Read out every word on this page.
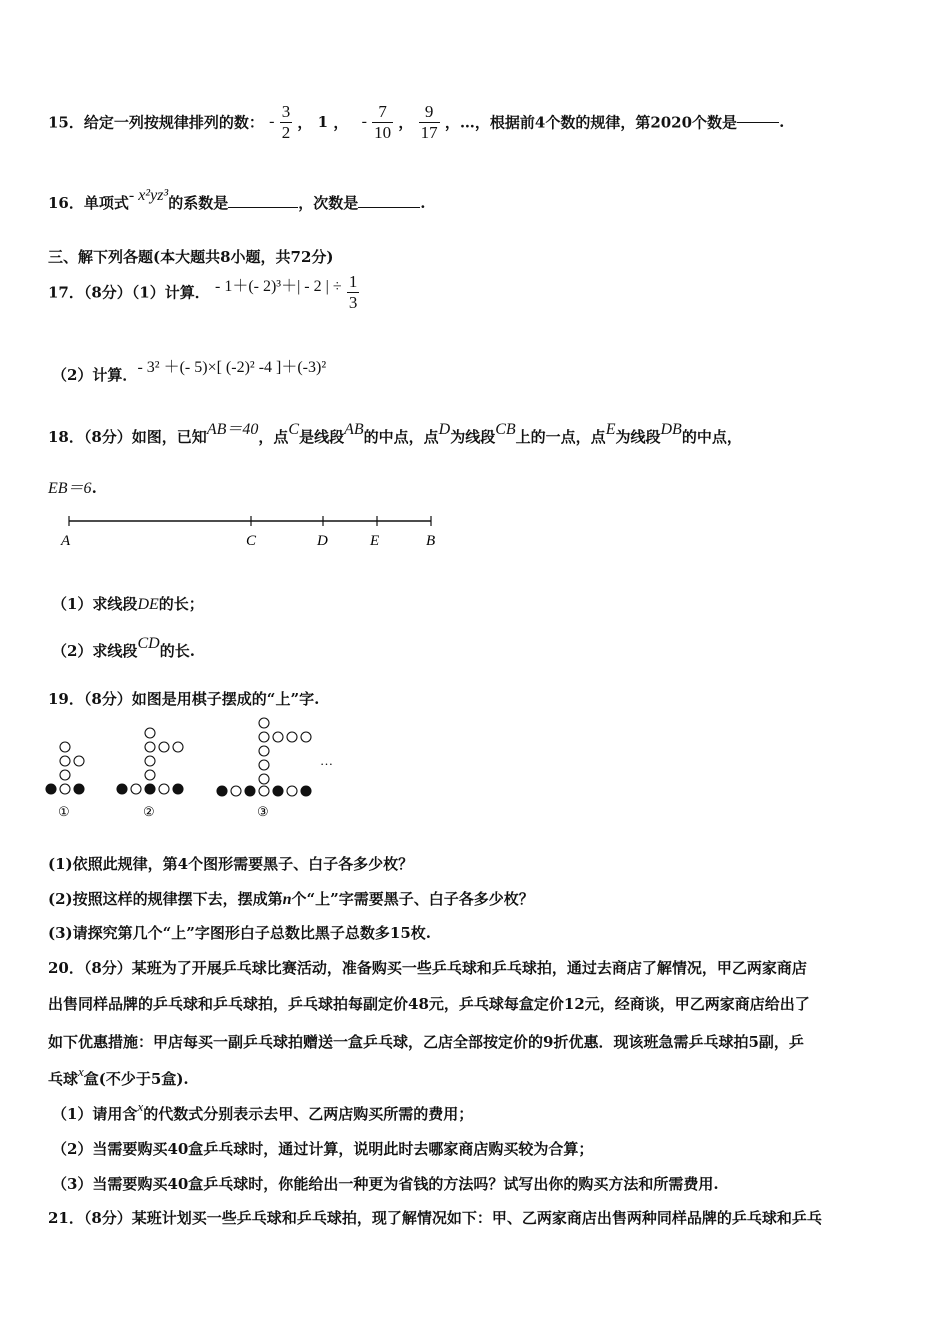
15．给定一列按规律排列的数： - $\frac{3}{2}$ ， 1 ， - $\frac{7}{10}$ ， $\frac{9}{17}$ ，…，根据前4个数的规律，第2020个数是	.
16．单项式- x²yz³的系数是	，次数是	.
三、解下列各题(本大题共8小题，共72分)
17．（8分）（1）计算． - 1＋(- 2)³＋| - 2 | ÷ $\frac{1}{3}$
（2）计算．- 3² ＋(- 5)×[ (-2)² -4 ]＋(-3)²
18．（8分）如图，已知AB＝40，点C是线段AB的中点，点D为线段CB上的一点，点E为线段DB的中点，
EB＝6.
A	C	D	E	B
（1）求线段DE的长；
（2）求线段CD的长.
19．（8分）如图是用棋子摆成的“上”字.
…
①	②	③
(1)依照此规律，第4个图形需要黑子、白子各多少枚？
(2)按照这样的规律摆下去，摆成第n个“上”字需要黑子、白子各多少枚？
(3)请探究第几个“上”字图形白子总数比黑子总数多15枚.
20．（8分）某班为了开展乒乓球比赛活动，准备购买一些乒乓球和乒乓球拍，通过去商店了解情况，甲乙两家商店
出售同样品牌的乒乓球和乒乓球拍，乒乓球拍每副定价48元，乒乓球每盒定价12元，经商谈，甲乙两家商店给出了
如下优惠措施：甲店每买一副乒乓球拍赠送一盒乒乓球，乙店全部按定价的9折优惠．现该班急需乒乓球拍5副，乒
乓球x盒(不少于5盒).
（1）请用含x的代数式分别表示去甲、乙两店购买所需的费用；
（2）当需要购买40盒乒乓球时，通过计算，说明此时去哪家商店购买较为合算；
（3）当需要购买40盒乒乓球时，你能给出一种更为省钱的方法吗？试写出你的购买方法和所需费用.
21．（8分）某班计划买一些乒乓球和乒乓球拍，现了解情况如下：甲、乙两家商店出售两种同样品牌的乒乓球和乒乓
